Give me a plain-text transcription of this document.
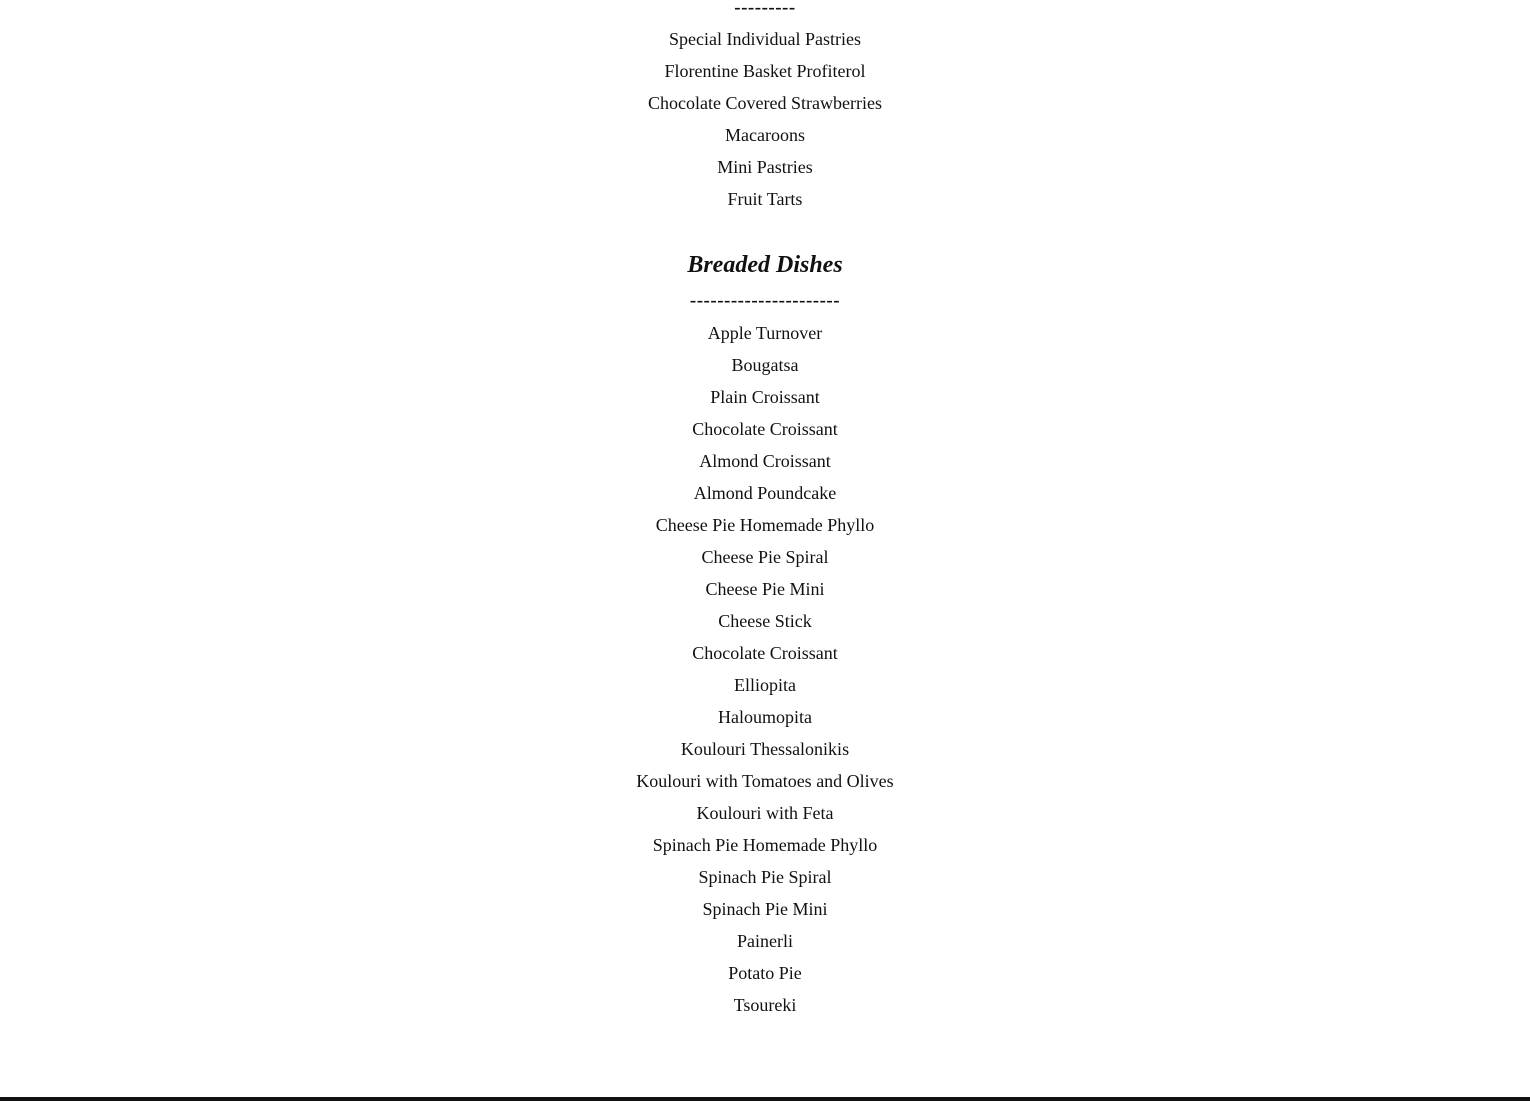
---------
Special Individual Pastries
Florentine Basket Profiterol
Chocolate Covered Strawberries
Macaroons
Mini Pastries
Fruit Tarts
Breaded Dishes
----------------------
Apple Turnover
Bougatsa
Plain Croissant
Chocolate Croissant
Almond Croissant
Almond Poundcake
Cheese Pie Homemade Phyllo
Cheese Pie Spiral
Cheese Pie Mini
Cheese Stick
Chocolate Croissant
Elliopita
Haloumopita
Koulouri Thessalonikis
Koulouri with Tomatoes and Olives
Koulouri with Feta
Spinach Pie Homemade Phyllo
Spinach Pie Spiral
Spinach Pie Mini
Painerli
Potato Pie
Tsoureki
